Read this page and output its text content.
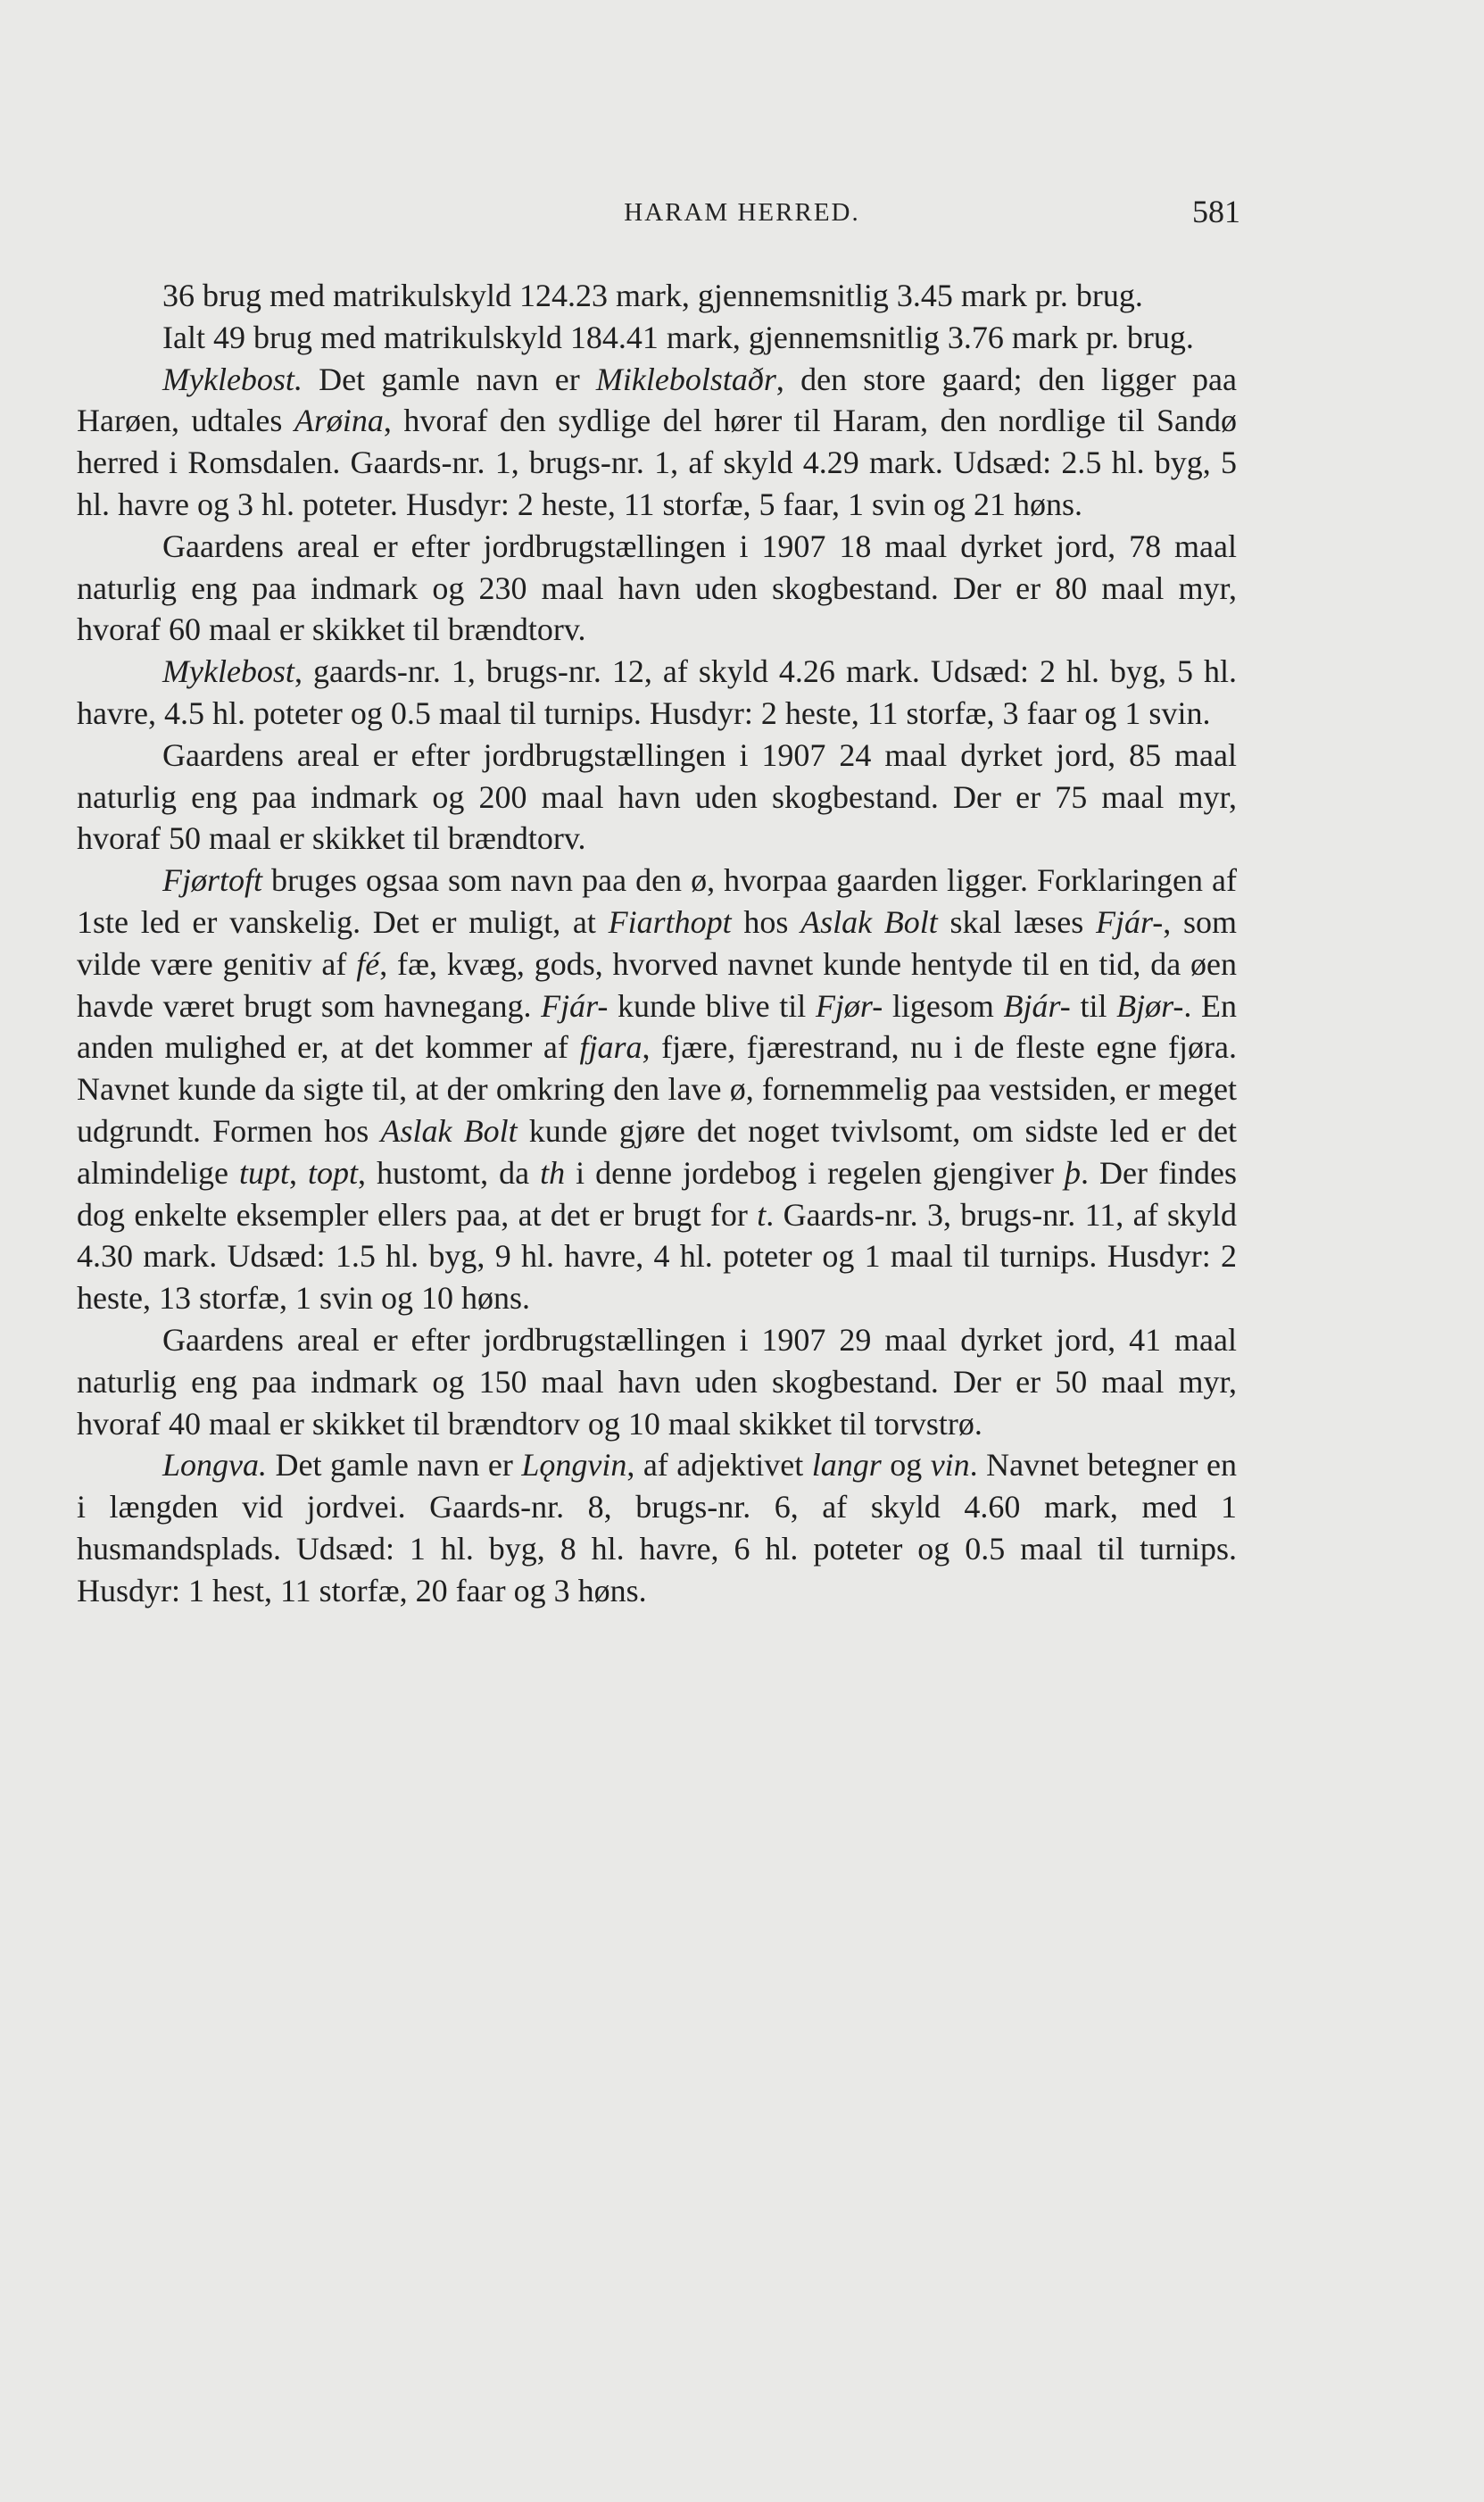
HARAM HERRED.	581

36 brug med matrikulskyld 124.23 mark, gjennemsnitlig 3.45 mark pr. brug.

Ialt 49 brug med matrikulskyld 184.41 mark, gjennemsnitlig 3.76 mark pr. brug.

Myklebost. Det gamle navn er Miklebolstaðr, den store gaard; den ligger paa Harøen, udtales Arøina, hvoraf den sydlige del hører til Haram, den nordlige til Sandø herred i Romsdalen. Gaards-nr. 1, brugs-nr. 1, af skyld 4.29 mark. Udsæd: 2.5 hl. byg, 5 hl. havre og 3 hl. poteter. Husdyr: 2 heste, 11 storfæ, 5 faar, 1 svin og 21 høns.

Gaardens areal er efter jordbrugstællingen i 1907 18 maal dyrket jord, 78 maal naturlig eng paa indmark og 230 maal havn uden skogbestand. Der er 80 maal myr, hvoraf 60 maal er skikket til brændtorv.

Myklebost, gaards-nr. 1, brugs-nr. 12, af skyld 4.26 mark. Udsæd: 2 hl. byg, 5 hl. havre, 4.5 hl. poteter og 0.5 maal til turnips. Husdyr: 2 heste, 11 storfæ, 3 faar og 1 svin.

Gaardens areal er efter jordbrugstællingen i 1907 24 maal dyrket jord, 85 maal naturlig eng paa indmark og 200 maal havn uden skogbestand. Der er 75 maal myr, hvoraf 50 maal er skikket til brændtorv.

Fjørtoft bruges ogsaa som navn paa den ø, hvorpaa gaarden ligger. Forklaringen af 1ste led er vanskelig. Det er muligt, at Fiarthopt hos Aslak Bolt skal læses Fjár-, som vilde være genitiv af fé, fæ, kvæg, gods, hvorved navnet kunde hentyde til en tid, da øen havde været brugt som havnegang. Fjár- kunde blive til Fjør- ligesom Bjár- til Bjør-. En anden mulighed er, at det kommer af fjara, fjære, fjærestrand, nu i de fleste egne fjøra. Navnet kunde da sigte til, at der omkring den lave ø, fornemmelig paa vestsiden, er meget udgrundt. Formen hos Aslak Bolt kunde gjøre det noget tvivlsomt, om sidste led er det almindelige tupt, topt, hustomt, da th i denne jordebog i regelen gjengiver þ. Der findes dog enkelte eksempler ellers paa, at det er brugt for t. Gaards-nr. 3, brugs-nr. 11, af skyld 4.30 mark. Udsæd: 1.5 hl. byg, 9 hl. havre, 4 hl. poteter og 1 maal til turnips. Husdyr: 2 heste, 13 storfæ, 1 svin og 10 høns.

Gaardens areal er efter jordbrugstællingen i 1907 29 maal dyrket jord, 41 maal naturlig eng paa indmark og 150 maal havn uden skogbestand. Der er 50 maal myr, hvoraf 40 maal er skikket til brændtorv og 10 maal skikket til torvstrø.

Longva. Det gamle navn er Lǫngvin, af adjektivet langr og vin. Navnet betegner en i længden vid jordvei. Gaards-nr. 8, brugs-nr. 6, af skyld 4.60 mark, med 1 husmandsplads. Udsæd: 1 hl. byg, 8 hl. havre, 6 hl. poteter og 0.5 maal til turnips. Husdyr: 1 hest, 11 storfæ, 20 faar og 3 høns.
